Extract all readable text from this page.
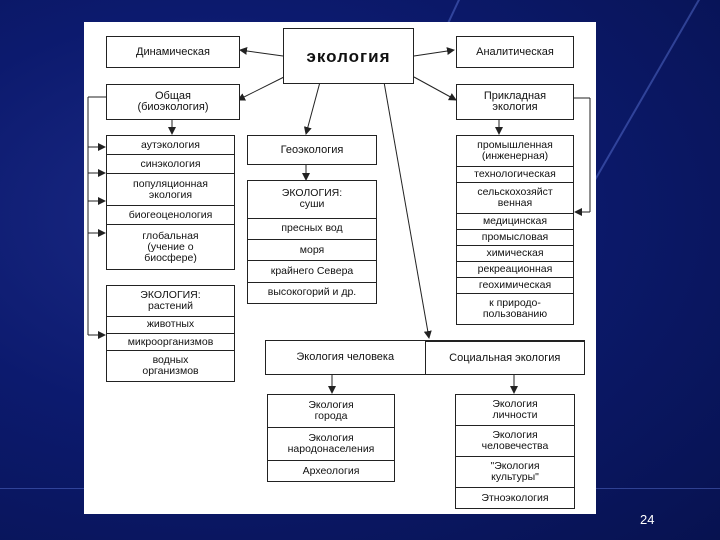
Динамическая	экология	Аналитическая
Общая
(биоэкология)
Прикладная
экология
Геоэкология
аутэкология
синэкология
популяционная
экология
биогеоценология
глобальная
(учение о
биосфере)
ЭКОЛОГИЯ:
растений
животных
микроорганизмов
водных
организмов
ЭКОЛОГИЯ:
суши
пресных вод
моря
крайнего Севера
высокогорий и др.
промышленная
(инженерная)
технологическая
сельскохозяйст
венная
медицинская
промысловая
химическая
рекреационная
геохимическая
к природо-
пользованию
Экология человека	Социальная экология
Экология
города
Экология
народонаселения
Археология
Экология
личности
Экология
человечества
"Экология
культуры"
Этноэкология
24
